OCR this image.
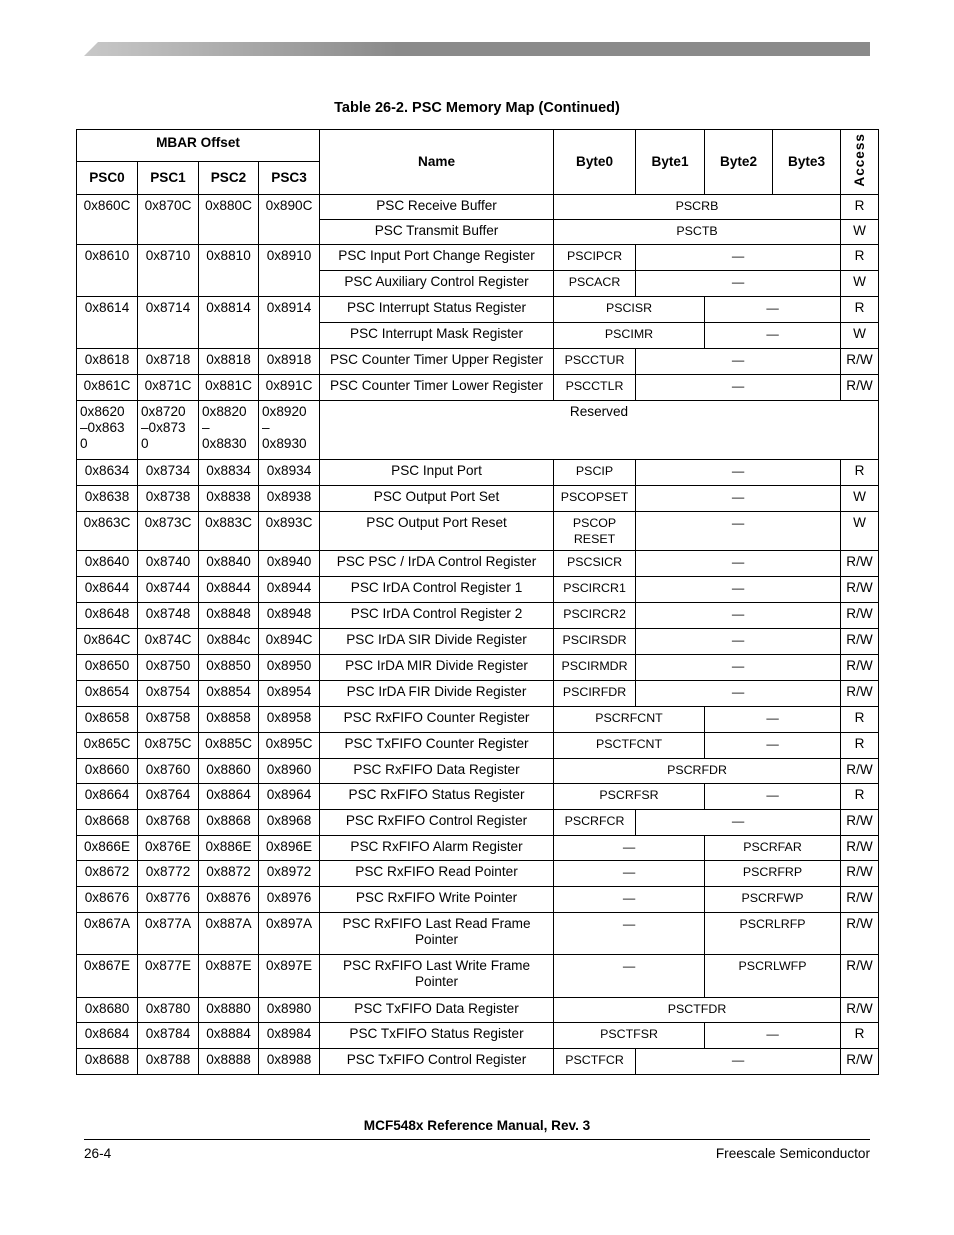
Table 26-2. PSC Memory Map (Continued)
MBAR Offset				Name	Byte0	Byte1	Byte2	Byte3	Access
PSC0	PSC1	PSC2	PSC3						
0x860C	0x870C	0x880C	0x890C	PSC Receive Buffer	PSCRB				R
				PSC Transmit Buffer	PSCTB				W
0x8610	0x8710	0x8810	0x8910	PSC Input Port Change Register	PSCIPCR	—			R
				PSC Auxiliary Control Register	PSCACR	—			W
0x8614	0x8714	0x8814	0x8914	PSC Interrupt Status Register	PSCISR		—		R
				PSC Interrupt Mask Register	PSCIMR		—		W
0x8618	0x8718	0x8818	0x8918	PSC Counter Timer Upper Register	PSCCTUR	—			R/W
0x861C	0x871C	0x881C	0x891C	PSC Counter Timer Lower Register	PSCCTLR	—			R/W
0x8620 –0x863 0	0x8720 –0x873 0	0x8820 – 0x8830	0x8920 – 0x8930	Reserved					
0x8634	0x8734	0x8834	0x8934	PSC Input Port	PSCIP	—			R
0x8638	0x8738	0x8838	0x8938	PSC Output Port Set	PSCOPSET	—			W
0x863C	0x873C	0x883C	0x893C	PSC Output Port Reset	PSCOP RESET	—			W
0x8640	0x8740	0x8840	0x8940	PSC PSC / IrDA Control Register	PSCSICR	—			R/W
0x8644	0x8744	0x8844	0x8944	PSC IrDA Control Register 1	PSCIRCR1	—			R/W
0x8648	0x8748	0x8848	0x8948	PSC IrDA Control Register 2	PSCIRCR2	—			R/W
0x864C	0x874C	0x884c	0x894C	PSC IrDA SIR Divide Register	PSCIRSDR	—			R/W
0x8650	0x8750	0x8850	0x8950	PSC IrDA MIR Divide Register	PSCIRMDR	—			R/W
0x8654	0x8754	0x8854	0x8954	PSC IrDA FIR Divide Register	PSCIRFDR	—			R/W
0x8658	0x8758	0x8858	0x8958	PSC RxFIFO Counter Register	PSCRFCNT		—		R
0x865C	0x875C	0x885C	0x895C	PSC TxFIFO Counter Register	PSCTFCNT		—		R
0x8660	0x8760	0x8860	0x8960	PSC RxFIFO Data Register	PSCRFDR				R/W
0x8664	0x8764	0x8864	0x8964	PSC RxFIFO Status Register	PSCRFSR		—		R
0x8668	0x8768	0x8868	0x8968	PSC RxFIFO Control Register	PSCRFCR	—			R/W
0x866E	0x876E	0x886E	0x896E	PSC RxFIFO Alarm Register	—		PSCRFAR		R/W
0x8672	0x8772	0x8872	0x8972	PSC RxFIFO Read Pointer	—		PSCRFRP		R/W
0x8676	0x8776	0x8876	0x8976	PSC RxFIFO Write Pointer	—		PSCRFWP		R/W
0x867A	0x877A	0x887A	0x897A	PSC RxFIFO Last Read Frame Pointer	—		PSCRLRFP		R/W
0x867E	0x877E	0x887E	0x897E	PSC RxFIFO Last Write Frame Pointer	—		PSCRLWFP		R/W
0x8680	0x8780	0x8880	0x8980	PSC TxFIFO Data Register	PSCTFDR				R/W
0x8684	0x8784	0x8884	0x8984	PSC TxFIFO Status Register	PSCTFSR		—		R
0x8688	0x8788	0x8888	0x8988	PSC TxFIFO Control Register	PSCTFCR	—			R/W
MCF548x Reference Manual, Rev. 3
26-4	Freescale Semiconductor
